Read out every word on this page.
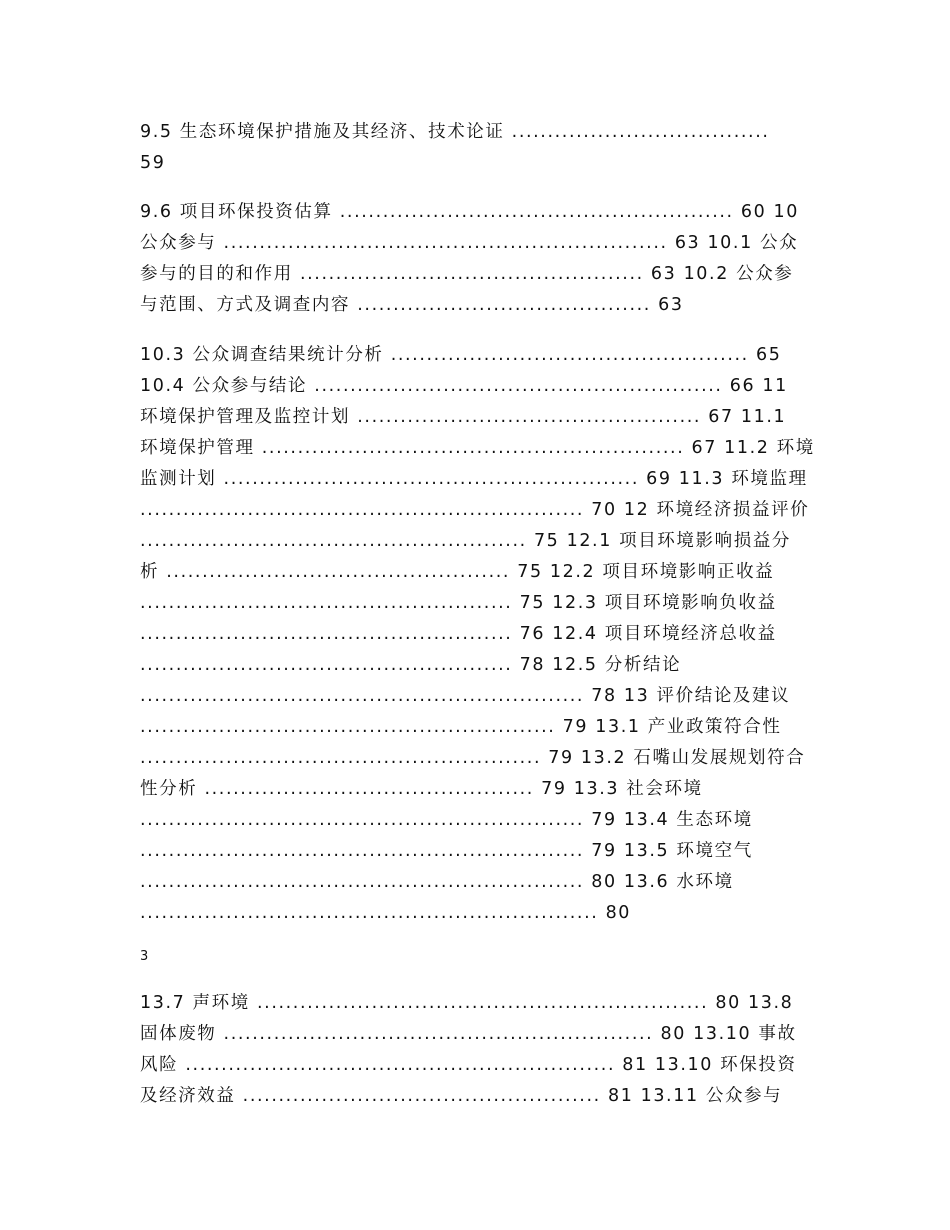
9.5 生态环境保护措施及其经济、技术论证 ....................................
59
9.6 项目环保投资估算 ....................................................... 60 10
公众参与 .............................................................. 63 10.1 公众
参与的目的和作用 ................................................ 63 10.2 公众参
与范围、方式及调查内容 ......................................... 63
10.3 公众调查结果统计分析 .................................................. 65
10.4 公众参与结论 ......................................................... 66 11
环境保护管理及监控计划 ................................................ 67 11.1
环境保护管理 ........................................................... 67 11.2 环境
监测计划 .......................................................... 69 11.3 环境监理
.............................................................. 70 12 环境经济损益评价
...................................................... 75 12.1 项目环境影响损益分
析 ................................................ 75 12.2 项目环境影响正收益
.................................................... 75 12.3 项目环境影响负收益
.................................................... 76 12.4 项目环境经济总收益
.................................................... 78 12.5 分析结论
.............................................................. 78 13 评价结论及建议
.......................................................... 79 13.1 产业政策符合性
........................................................ 79 13.2 石嘴山发展规划符合
性分析 .............................................. 79 13.3 社会环境
.............................................................. 79 13.4 生态环境
.............................................................. 79 13.5 环境空气
.............................................................. 80 13.6 水环境
................................................................ 80
3
13.7 声环境 ............................................................... 80 13.8
固体废物 ............................................................ 80 13.10 事故
风险 ............................................................ 81 13.10 环保投资
及经济效益 .................................................. 81 13.11 公众参与
